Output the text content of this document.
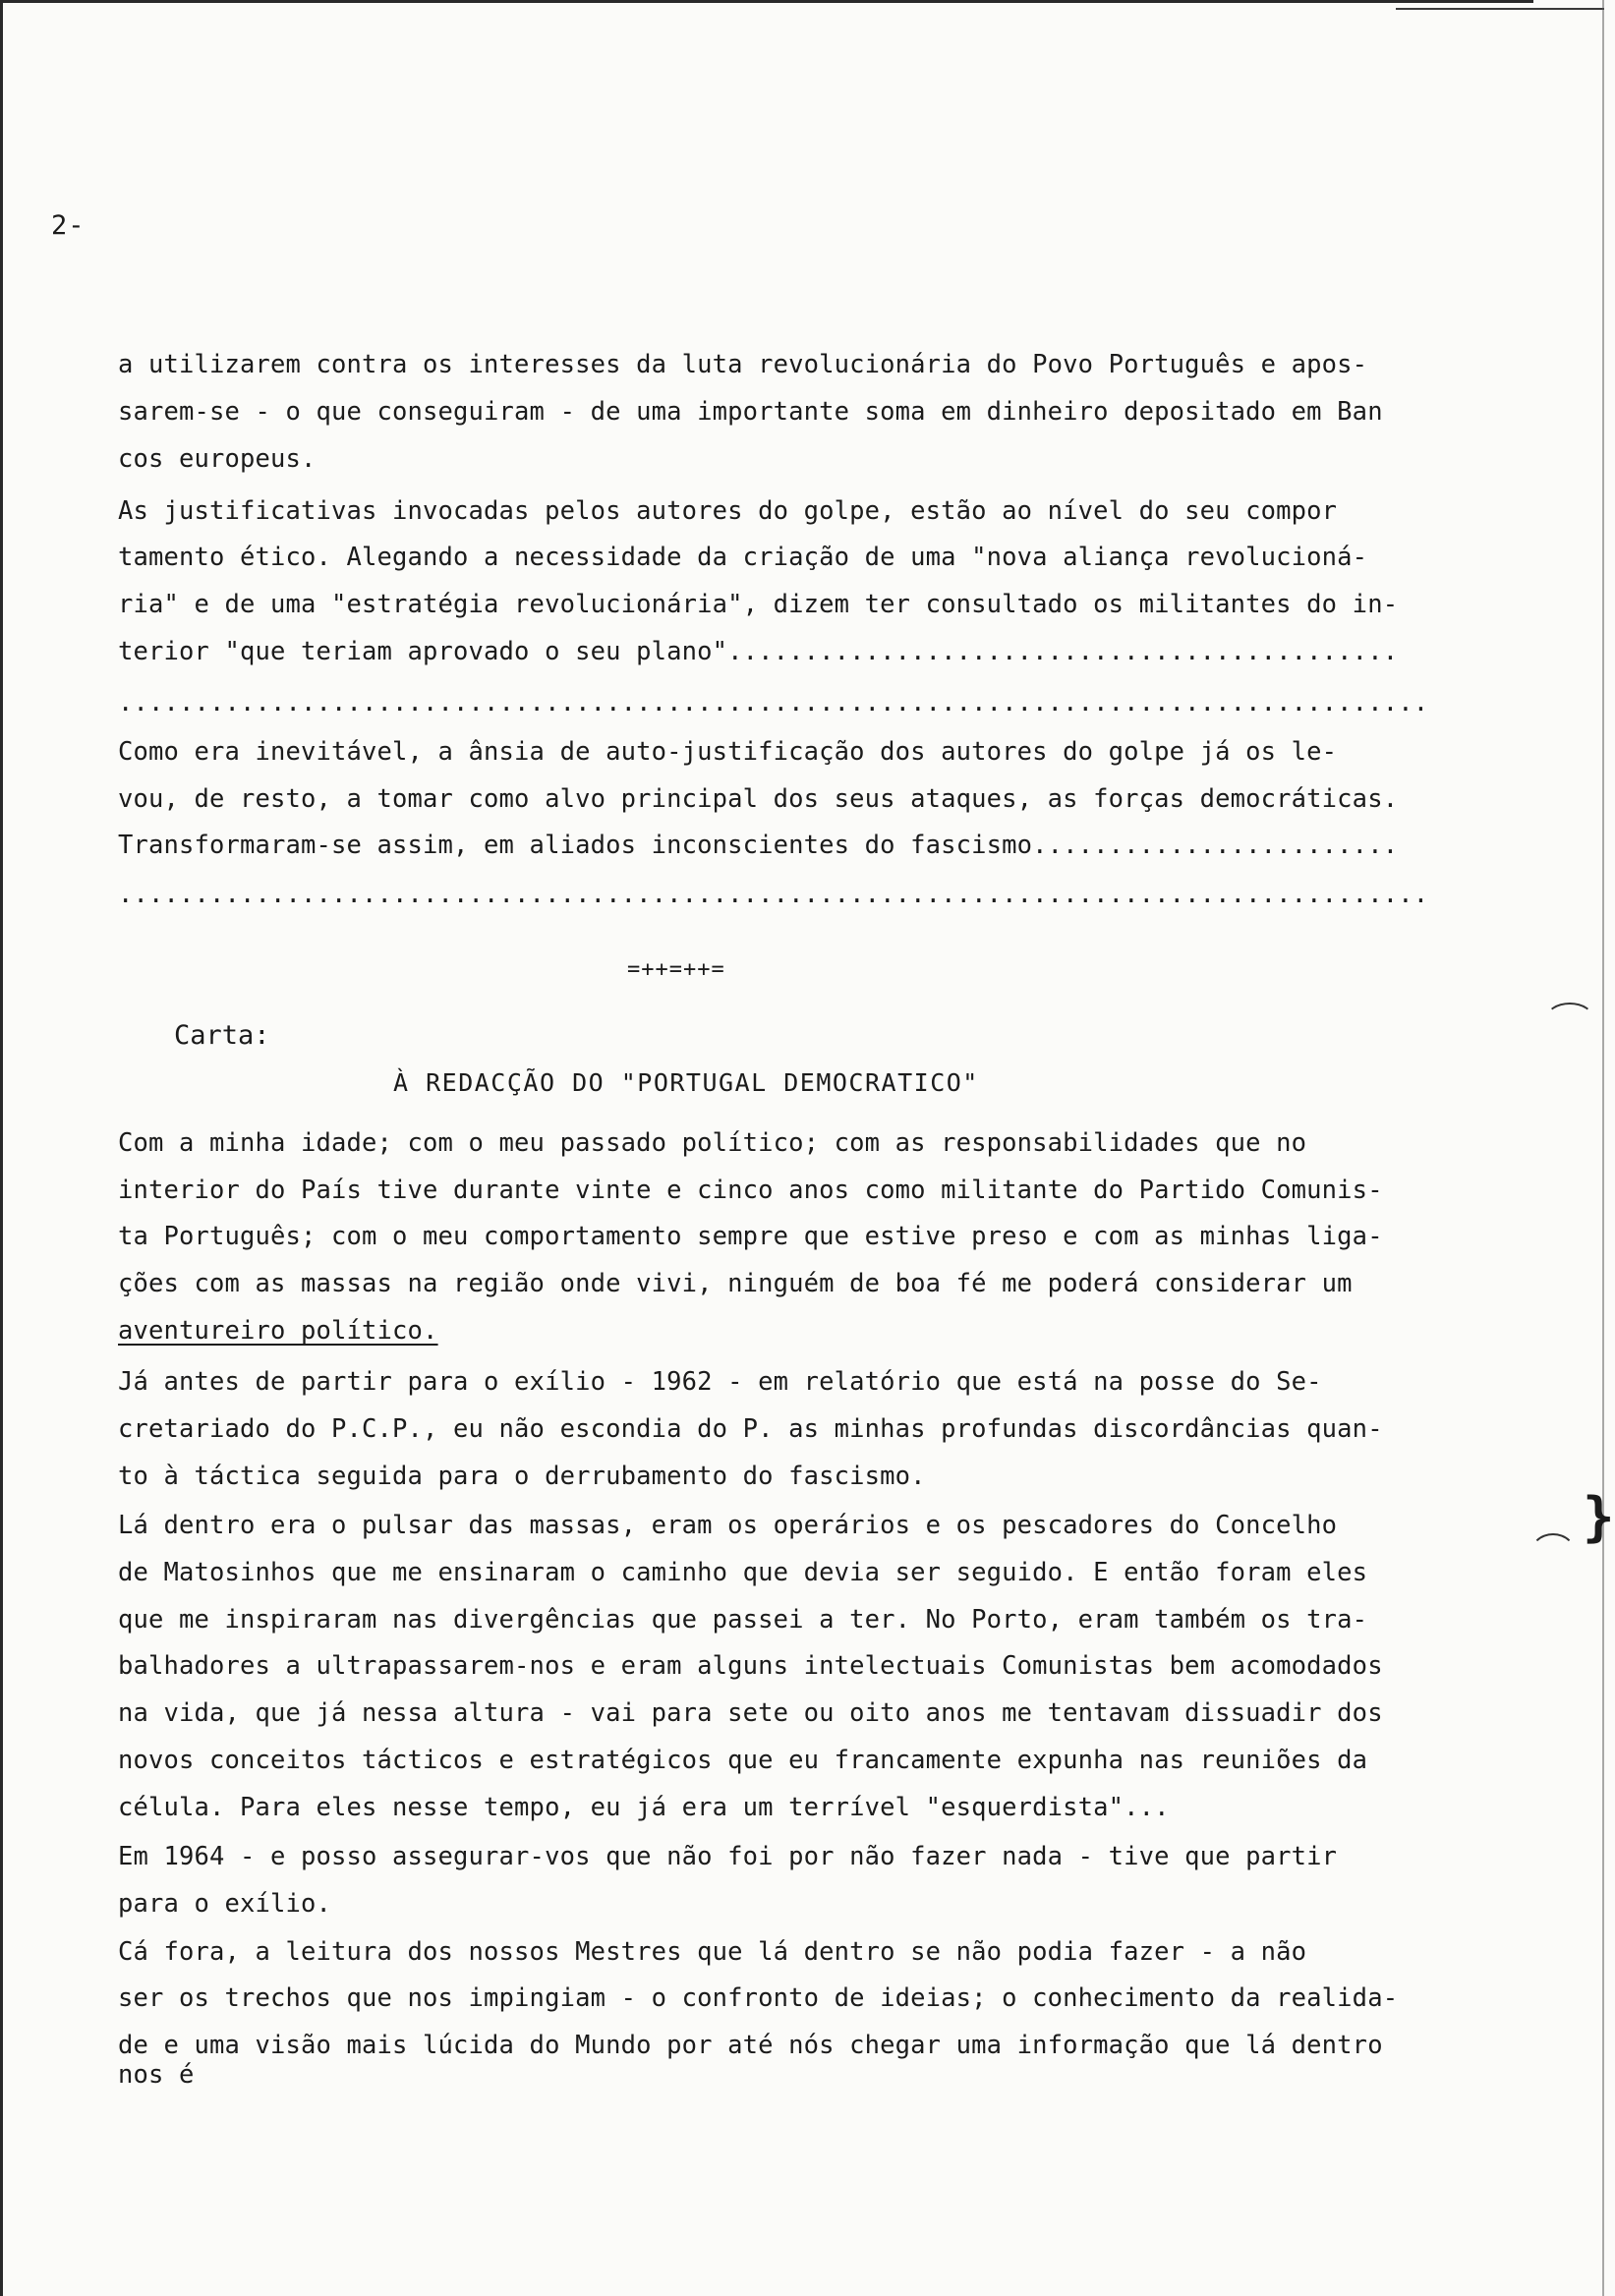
2-
a utilizarem contra os interesses da luta revolucionária do Povo Português e apos-
sarem-se - o que conseguiram - de uma importante soma em dinheiro depositado em Ban
cos europeus.
As justificativas invocadas pelos autores do golpe, estão ao nível do seu compor
tamento ético. Alegando a necessidade da criação de uma "nova aliança revolucioná-
ria" e de uma "estratégia revolucionária", dizem ter consultado os militantes do in-
terior "que teriam aprovado o seu plano"............................................
......................................................................................
Como era inevitável, a ânsia de auto-justificação dos autores do golpe já os le-
vou, de resto, a tomar como alvo principal dos seus ataques, as forças democráticas.
Transformaram-se assim, em aliados inconscientes do fascismo........................
......................................................................................
=++=++=
Carta:
À REDACÇÃO DO "PORTUGAL DEMOCRATICO"
Com a minha idade; com o meu passado político; com as responsabilidades que no
interior do País tive durante vinte e cinco anos como militante do Partido Comunis-
ta Português; com o meu comportamento sempre que estive preso e com as minhas liga-
ções com as massas na região onde vivi, ninguém de boa fé me poderá considerar um
aventureiro político.
Já antes de partir para o exílio - 1962 - em relatório que está na posse do Se-
cretariado do P.C.P., eu não escondia do P. as minhas profundas discordâncias quan-
to à táctica seguida para o derrubamento do fascismo.
Lá dentro era o pulsar das massas, eram os operários e os pescadores do Concelho
de Matosinhos que me ensinaram o caminho que devia ser seguido. E então foram eles
que me inspiraram nas divergências que passei a ter. No Porto, eram também os tra-
balhadores a ultrapassarem-nos e eram alguns intelectuais Comunistas bem acomodados
na vida, que já nessa altura - vai para sete ou oito anos me tentavam dissuadir dos
novos conceitos tácticos e estratégicos que eu francamente expunha nas reuniões da
célula. Para eles nesse tempo, eu já era um terrível "esquerdista"...
Em 1964 - e posso assegurar-vos que não foi por não fazer nada - tive que partir
para o exílio.
Cá fora, a leitura dos nossos Mestres que lá dentro se não podia fazer - a não
ser os trechos que nos impingiam - o confronto de ideias; o conhecimento da realida-
de e uma visão mais lúcida do Mundo por até nós chegar uma informação que lá dentro
nos é
}
